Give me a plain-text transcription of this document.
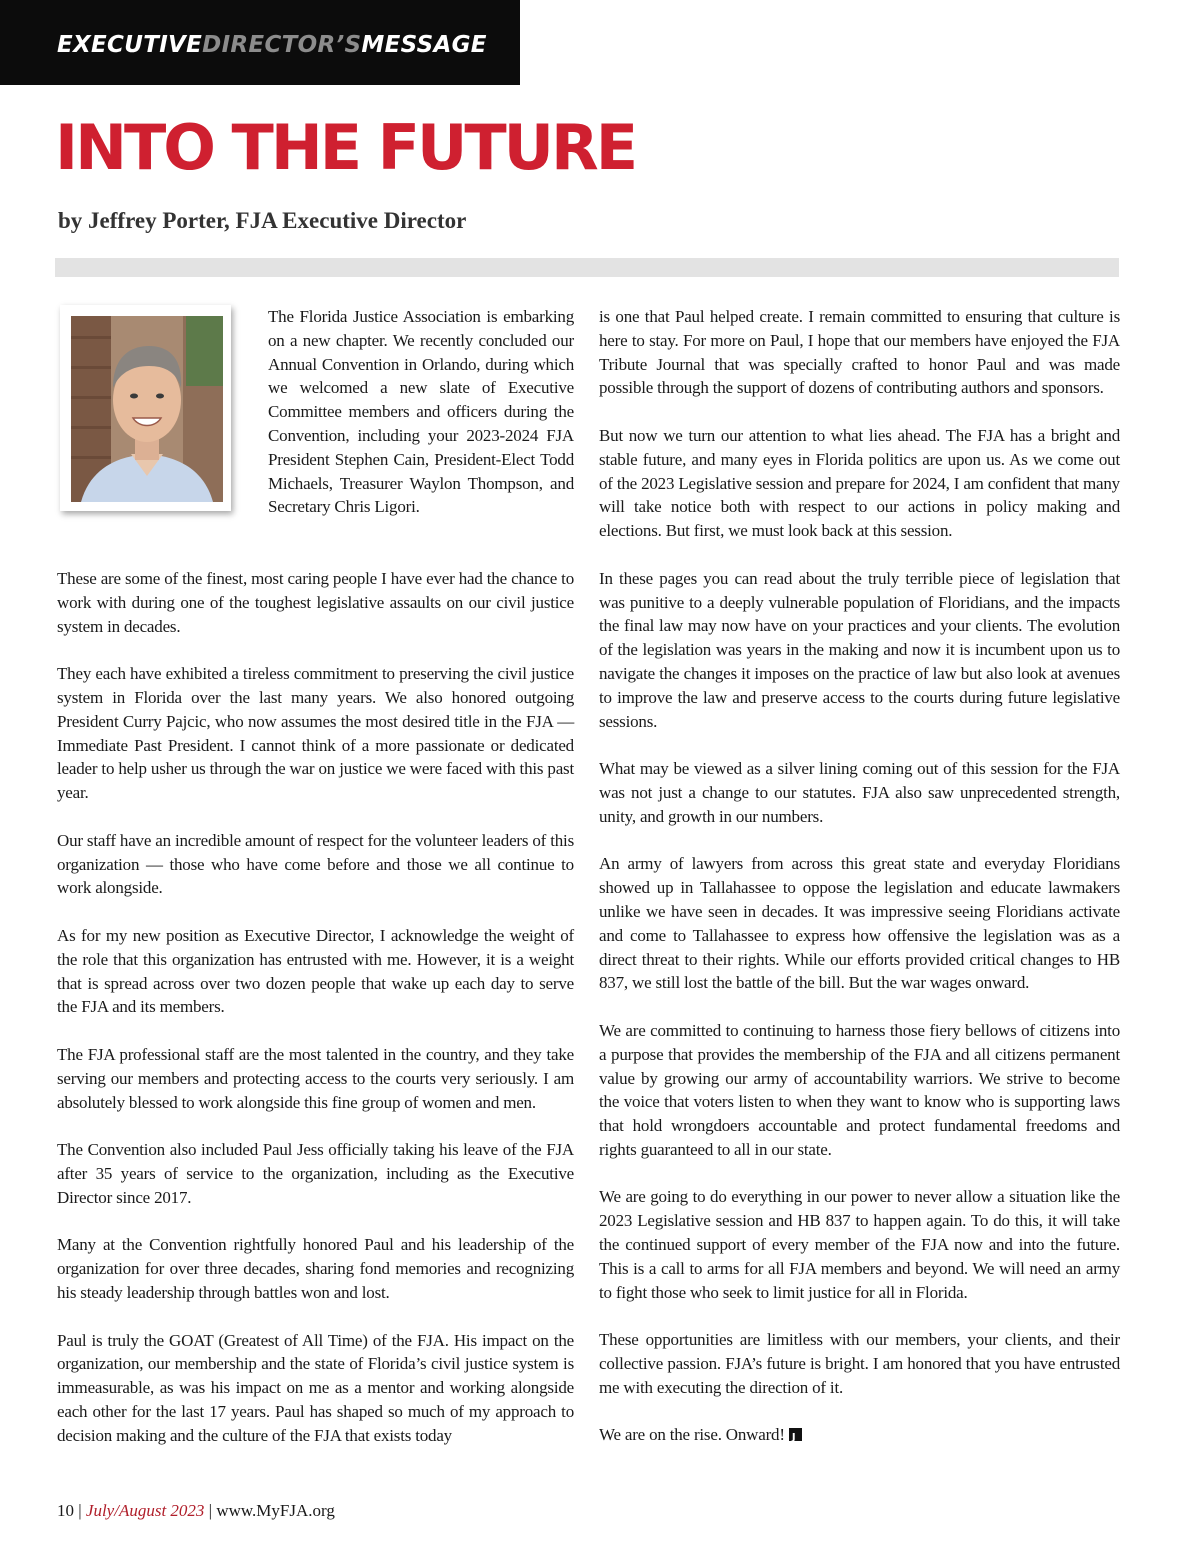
EXECUTIVEDIRECTOR’SMESSAGE
INTO THE FUTURE
by Jeffrey Porter, FJA Executive Director
The Florida Justice Association is embarking on a new chapter. We recently concluded our Annual Convention in Orlando, during which we welcomed a new slate of Executive Committee members and officers during the Convention, including your 2023-2024 FJA President Stephen Cain, President-Elect Todd Michaels, Treasurer Waylon Thompson, and Secretary Chris Ligori.

These are some of the finest, most caring people I have ever had the chance to work with during one of the toughest legislative assaults on our civil justice system in decades.

They each have exhibited a tireless commitment to preserving the civil justice system in Florida over the last many years. We also honored outgoing President Curry Pajcic, who now assumes the most desired title in the FJA — Immediate Past President. I cannot think of a more passionate or dedicated leader to help usher us through the war on justice we were faced with this past year.

Our staff have an incredible amount of respect for the volunteer leaders of this organization — those who have come before and those we all continue to work alongside.

As for my new position as Executive Director, I acknowledge the weight of the role that this organization has entrusted with me. However, it is a weight that is spread across over two dozen people that wake up each day to serve the FJA and its members.

The FJA professional staff are the most talented in the country, and they take serving our members and protecting access to the courts very seriously. I am absolutely blessed to work alongside this fine group of women and men.

The Convention also included Paul Jess officially taking his leave of the FJA after 35 years of service to the organization, including as the Executive Director since 2017.

Many at the Convention rightfully honored Paul and his leadership of the organization for over three decades, sharing fond memories and recognizing his steady leadership through battles won and lost.

Paul is truly the GOAT (Greatest of All Time) of the FJA. His impact on the organization, our membership and the state of Florida’s civil justice system is immeasurable, as was his impact on me as a mentor and working alongside each other for the last 17 years. Paul has shaped so much of my approach to decision making and the culture of the FJA that exists today

is one that Paul helped create. I remain committed to ensuring that culture is here to stay. For more on Paul, I hope that our members have enjoyed the FJA Tribute Journal that was specially crafted to honor Paul and was made possible through the support of dozens of contributing authors and sponsors.

But now we turn our attention to what lies ahead. The FJA has a bright and stable future, and many eyes in Florida politics are upon us. As we come out of the 2023 Legislative session and prepare for 2024, I am confident that many will take notice both with respect to our actions in policy making and elections. But first, we must look back at this session.

In these pages you can read about the truly terrible piece of legislation that was punitive to a deeply vulnerable population of Floridians, and the impacts the final law may now have on your practices and your clients. The evolution of the legislation was years in the making and now it is incumbent upon us to navigate the changes it imposes on the practice of law but also look at avenues to improve the law and preserve access to the courts during future legislative sessions.

What may be viewed as a silver lining coming out of this session for the FJA was not just a change to our statutes. FJA also saw unprecedented strength, unity, and growth in our numbers.

An army of lawyers from across this great state and everyday Floridians showed up in Tallahassee to oppose the legislation and educate lawmakers unlike we have seen in decades. It was impressive seeing Floridians activate and come to Tallahassee to express how offensive the legislation was as a direct threat to their rights. While our efforts provided critical changes to HB 837, we still lost the battle of the bill. But the war wages onward.

We are committed to continuing to harness those fiery bellows of citizens into a purpose that provides the membership of the FJA and all citizens permanent value by growing our army of accountability warriors. We strive to become the voice that voters listen to when they want to know who is supporting laws that hold wrongdoers accountable and protect fundamental freedoms and rights guaranteed to all in our state.

We are going to do everything in our power to never allow a situation like the 2023 Legislative session and HB 837 to happen again. To do this, it will take the continued support of every member of the FJA now and into the future. This is a call to arms for all FJA members and beyond. We will need an army to fight those who seek to limit justice for all in Florida.

These opportunities are limitless with our members, your clients, and their collective passion. FJA’s future is bright. I am honored that you have entrusted me with executing the direction of it.

We are on the rise. Onward!J

10 | July/August 2023 | www.MyFJA.org
